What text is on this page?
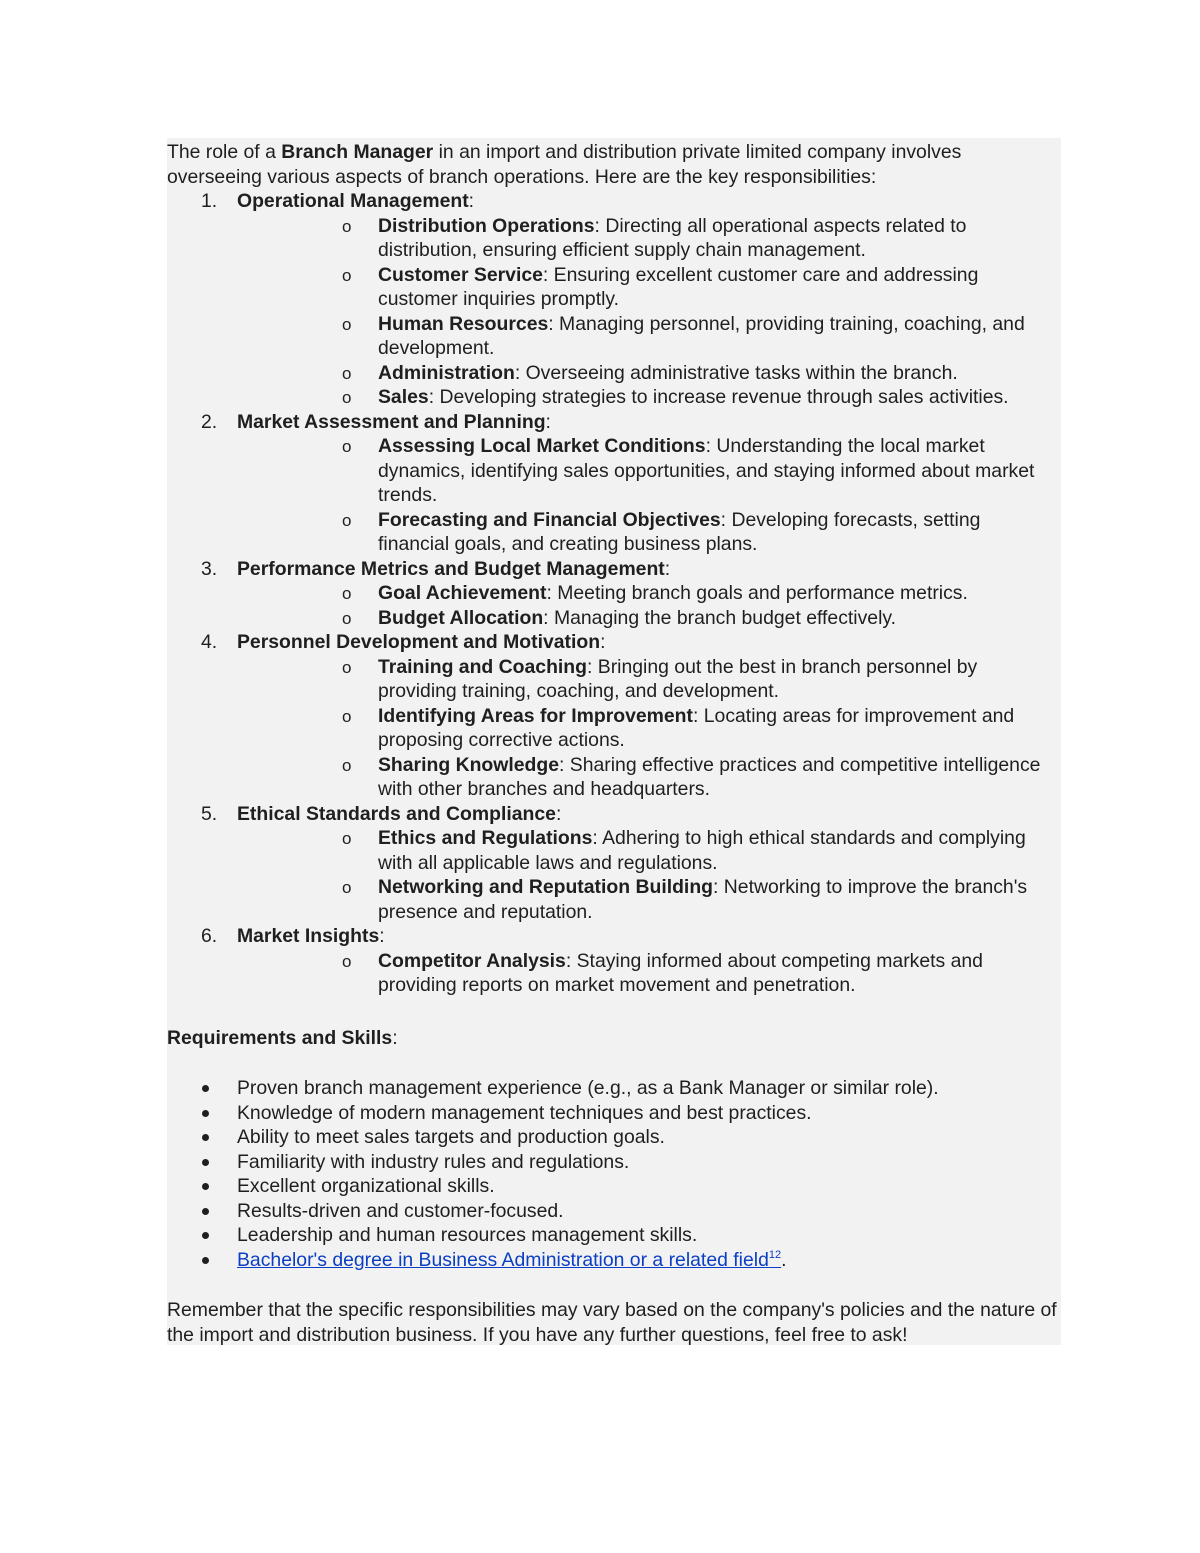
The role of a Branch Manager in an import and distribution private limited company involves overseeing various aspects of branch operations. Here are the key responsibilities:

1. Operational Management:
o Distribution Operations: Directing all operational aspects related to distribution, ensuring efficient supply chain management.
o Customer Service: Ensuring excellent customer care and addressing customer inquiries promptly.
o Human Resources: Managing personnel, providing training, coaching, and development.
o Administration: Overseeing administrative tasks within the branch.
o Sales: Developing strategies to increase revenue through sales activities.
2. Market Assessment and Planning:
o Assessing Local Market Conditions: Understanding the local market dynamics, identifying sales opportunities, and staying informed about market trends.
o Forecasting and Financial Objectives: Developing forecasts, setting financial goals, and creating business plans.
3. Performance Metrics and Budget Management:
o Goal Achievement: Meeting branch goals and performance metrics.
o Budget Allocation: Managing the branch budget effectively.
4. Personnel Development and Motivation:
o Training and Coaching: Bringing out the best in branch personnel by providing training, coaching, and development.
o Identifying Areas for Improvement: Locating areas for improvement and proposing corrective actions.
o Sharing Knowledge: Sharing effective practices and competitive intelligence with other branches and headquarters.
5. Ethical Standards and Compliance:
o Ethics and Regulations: Adhering to high ethical standards and complying with all applicable laws and regulations.
o Networking and Reputation Building: Networking to improve the branch's presence and reputation.
6. Market Insights:
o Competitor Analysis: Staying informed about competing markets and providing reports on market movement and penetration.

Requirements and Skills:

Proven branch management experience (e.g., as a Bank Manager or similar role).
Knowledge of modern management techniques and best practices.
Ability to meet sales targets and production goals.
Familiarity with industry rules and regulations.
Excellent organizational skills.
Results-driven and customer-focused.
Leadership and human resources management skills.
Bachelor's degree in Business Administration or a related field$^{12}$.

Remember that the specific responsibilities may vary based on the company's policies and the nature of the import and distribution business. If you have any further questions, feel free to ask!
